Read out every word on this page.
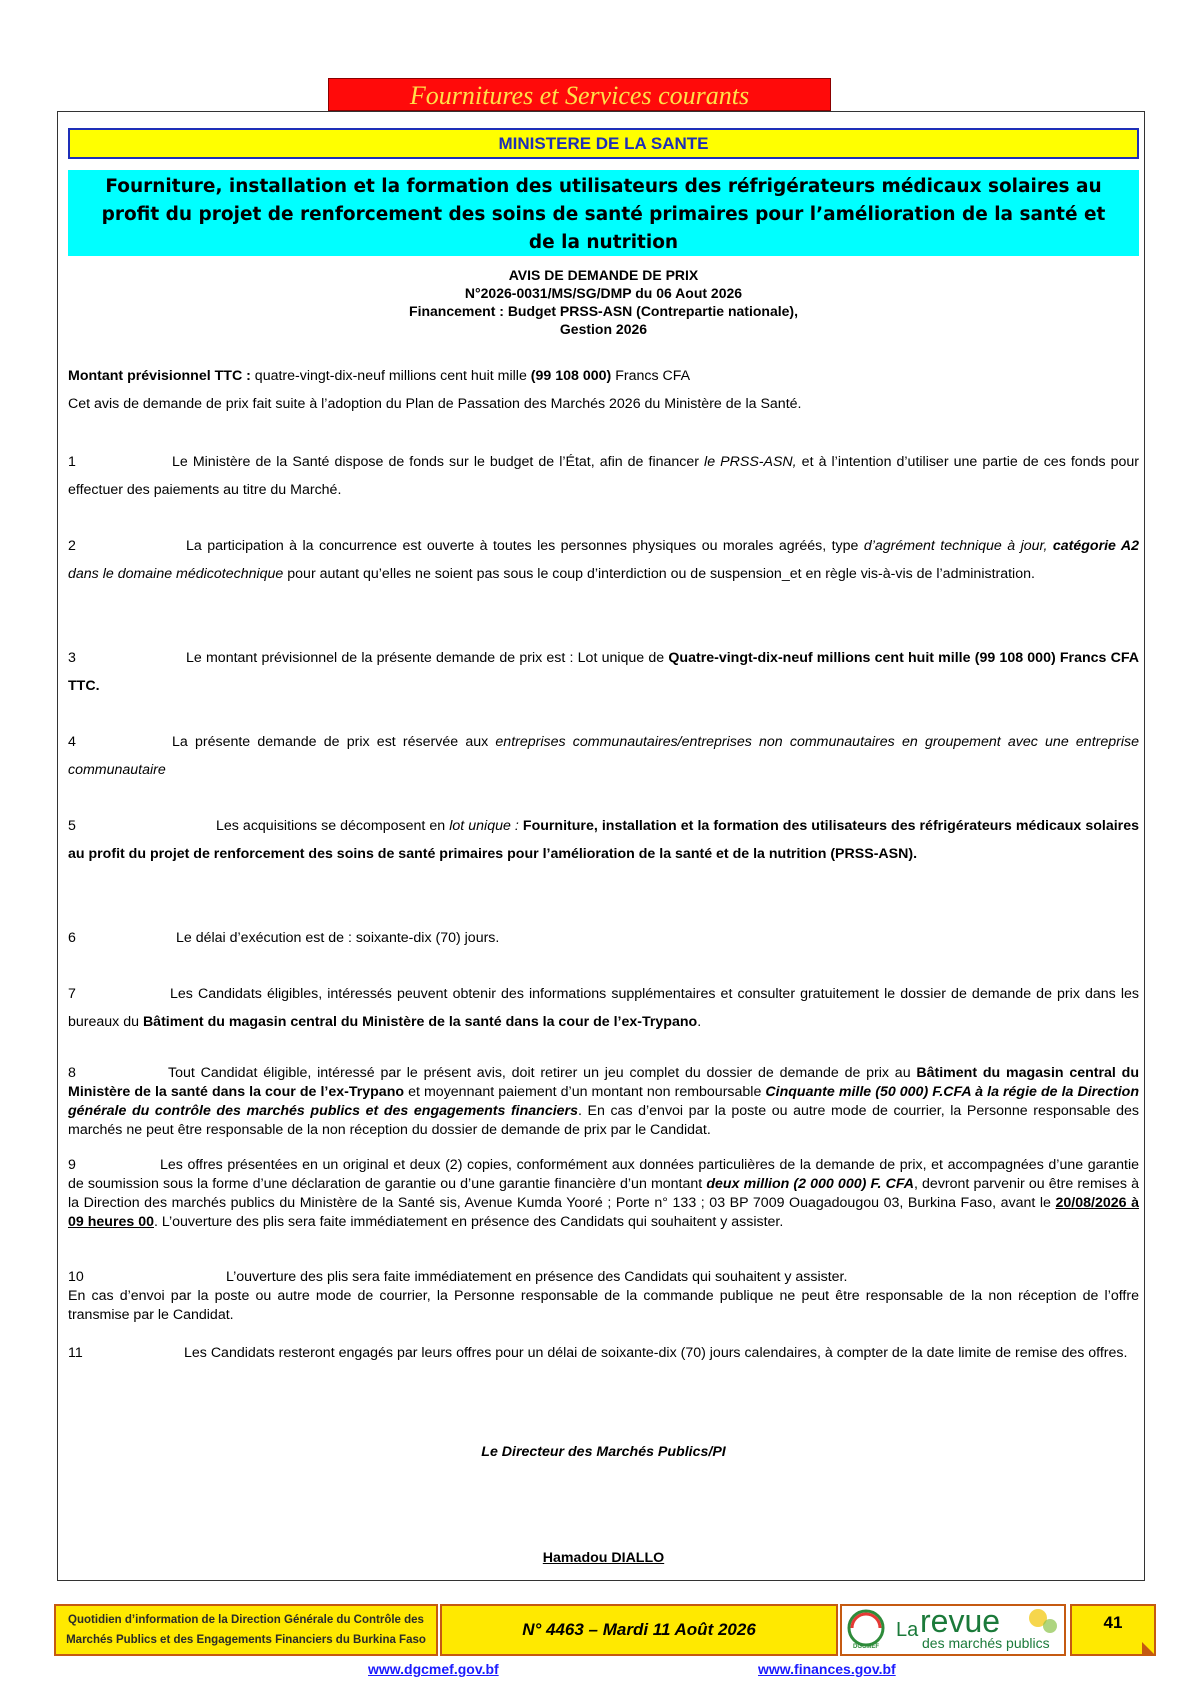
Fournitures et Services courants
MINISTERE DE LA SANTE
Fourniture, installation et la formation des utilisateurs des réfrigérateurs médicaux solaires au profit du projet de renforcement des soins de santé primaires pour l’amélioration de la santé et de la nutrition
AVIS DE DEMANDE DE PRIX
N°2026-0031/MS/SG/DMP du 06 Aout 2026
Financement : Budget PRSS-ASN (Contrepartie nationale),
Gestion 2026
Montant prévisionnel TTC : quatre-vingt-dix-neuf millions cent huit mille (99 108 000) Francs CFA
Cet avis de demande de prix fait suite à l’adoption du Plan de Passation des Marchés 2026 du Ministère de la Santé.
1	Le Ministère de la Santé dispose de fonds sur le budget de l’État, afin de financer le PRSS-ASN, et à l’intention d’utiliser une partie de ces fonds pour effectuer des paiements au titre du Marché.
2	La participation à la concurrence est ouverte à toutes les personnes physiques ou morales agréés, type d’agrément technique à jour, catégorie A2 dans le domaine médicotechnique pour autant qu’elles ne soient pas sous le coup d’interdiction ou de suspension_et en règle vis-à-vis de l’administration.
3	Le montant prévisionnel de la présente demande de prix est : Lot unique de Quatre-vingt-dix-neuf millions cent huit mille (99 108 000) Francs CFA TTC.
4	La présente demande de prix est réservée aux entreprises communautaires/entreprises non communautaires en groupement avec une entreprise communautaire
5	Les acquisitions se décomposent en lot unique : Fourniture, installation et la formation des utilisateurs des réfrigérateurs médicaux solaires au profit du projet de renforcement des soins de santé primaires pour l’amélioration de la santé et de la nutrition (PRSS-ASN).
6	Le délai d’exécution est de : soixante-dix (70) jours.
7	Les Candidats éligibles, intéressés peuvent obtenir des informations supplémentaires et consulter gratuitement le dossier de demande de prix dans les bureaux du Bâtiment du magasin central du Ministère de la santé dans la cour de l’ex-Trypano.
8	Tout Candidat éligible, intéressé par le présent avis, doit retirer un jeu complet du dossier de demande de prix au Bâtiment du magasin central du Ministère de la santé dans la cour de l’ex-Trypano et moyennant paiement d’un montant non remboursable Cinquante mille (50 000) F.CFA à la régie de la Direction générale du contrôle des marchés publics et des engagements financiers. En cas d’envoi par la poste ou autre mode de courrier, la Personne responsable des marchés ne peut être responsable de la non réception du dossier de demande de prix par le Candidat.
9	Les offres présentées en un original et deux (2) copies, conformément aux données particulières de la demande de prix, et accompagnées d’une garantie de soumission sous la forme d’une déclaration de garantie ou d’une garantie financière d’un montant deux million (2 000 000) F. CFA, devront parvenir ou être remises à la Direction des marchés publics du Ministère de la Santé sis, Avenue Kumda Yooré ; Porte n° 133 ; 03 BP 7009 Ouagadougou 03, Burkina Faso, avant le 20/08/2026 à 09 heures 00. L’ouverture des plis sera faite immédiatement en présence des Candidats qui souhaitent y assister.
10	L’ouverture des plis sera faite immédiatement en présence des Candidats qui souhaitent y assister.
En cas d’envoi par la poste ou autre mode de courrier, la Personne responsable de la commande publique ne peut être responsable de la non réception de l’offre transmise par le Candidat.
11	Les Candidats resteront engagés par leurs offres pour un délai de soixante-dix (70) jours calendaires, à compter de la date limite de remise des offres.
Le Directeur des Marchés Publics/PI
Hamadou DIALLO
Quotidien d’information de la Direction Générale du Contrôle des
Marchés Publics et des Engagements Financiers du Burkina Faso
N° 4463 – Mardi 11 Août 2026
DGCMEF
La revue
des marchés publics
41
www.dgcmef.gov.bf	www.finances.gov.bf
